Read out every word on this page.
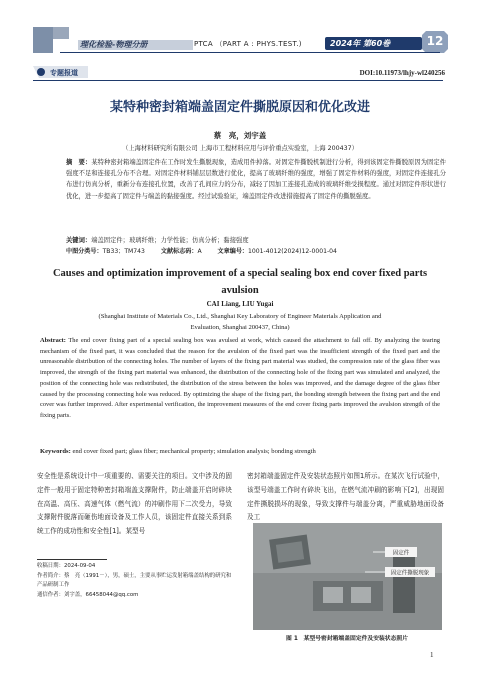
理化检验-物理分册	PTCA （PART A : PHYS.TEST.)	2024年 第60卷	12
专题报道	DOI:10.11973/lhjy-wl240256
某特种密封箱端盖固定件撕脱原因和优化改进
蔡　亮，刘宇盖
（上海材料研究所有限公司 上海市工程材料应用与评价重点实验室，上海 200437）
摘　要：某特种密封箱端盖固定件在工作时发生撕脱现象，造成用件掉落。对固定件撕脱机制进行分析，得到该固定件撕脱原因为固定件强度不足和连接孔分布不合理。对固定件材料铺层层数进行优化，提高了玻璃纤维的强度，增强了固定件材料的强度，对固定件连接孔分布进行仿真分析，重新分布连接孔位置，改善了孔间应力的分布，减轻了因加工连接孔造成的玻璃纤维受损程度。通过对固定件形状进行优化，进一步提高了固定件与端盖的黏接强度。经过试验验证，端盖固定件改进措施提高了固定件的撕脱强度。
关键词：端盖固定件；玻璃纤维；力学性能；仿真分析；黏接强度
中图分类号：TB33；TM743	文献标志码：A	文章编号：1001-4012(2024)12-0001-04
Causes and optimization improvement of a special sealing box end cover fixed parts avulsion
CAI Liang, LIU Yugai
(Shanghai Institute of Materials Co., Ltd., Shanghai Key Laboratory of Engineer Materials Application and Evaluation, Shanghai 200437, China)
Abstract: The end cover fixing part of a special sealing box was avulsed at work, which caused the attachment to fall off. By analyzing the tearing mechanism of the fixed part, it was concluded that the reason for the avulsion of the fixed part was the insufficient strength of the fixed part and the unreasonable distribution of the connecting holes. The number of layers of the fixing part material was studied, the compression rate of the glass fiber was improved, the strength of the fixing part material was enhanced, the distribution of the connecting hole of the fixing part was simulated and analyzed, the position of the connecting hole was redistributed, the distribution of the stress between the holes was improved, and the damage degree of the glass fiber caused by the processing connecting hole was reduced. By optimizing the shape of the fixing part, the bonding strength between the fixing part and the end cover was further improved. After experimental verification, the improvement measures of the end cover fixing parts improved the avulsion strength of the fixing parts.
Keywords: end cover fixed part; glass fiber; mechanical property; simulation analysis; bonding strength
安全性是系统设计中一项重要的、需要关注的项目。文中涉及的固定件一般用于固定特种密封箱端盖支撑附件，防止端盖开启时碎块在高温、高压、高速气体（燃气流）的冲刷作用下二次受力，导致支撑附件脱落而砸伤地面设备及工作人员，该固定件直接关系到系统工作的成功性和安全性[1]。某型号
密封箱端盖固定件及安装状态照片如图1所示。在某次飞行试验中，该型号端盖工作时有碎块飞出，在燃气流冲刷的影响下[2]，出现固定件撕脱损坏的现象，导致支撑件与端盖分离，严重威胁地面设备及工
收稿日期：2024-09-04
作者简介：蔡　亮（1991－），男，硕士，主要从事贮运发射箱端盖结构的研究和产品研制工作
通信作者：刘宇盖，66458044@qq.com
固定件
固定件撕脱现象
图 1　某型号密封箱端盖固定件及安装状态照片
1
